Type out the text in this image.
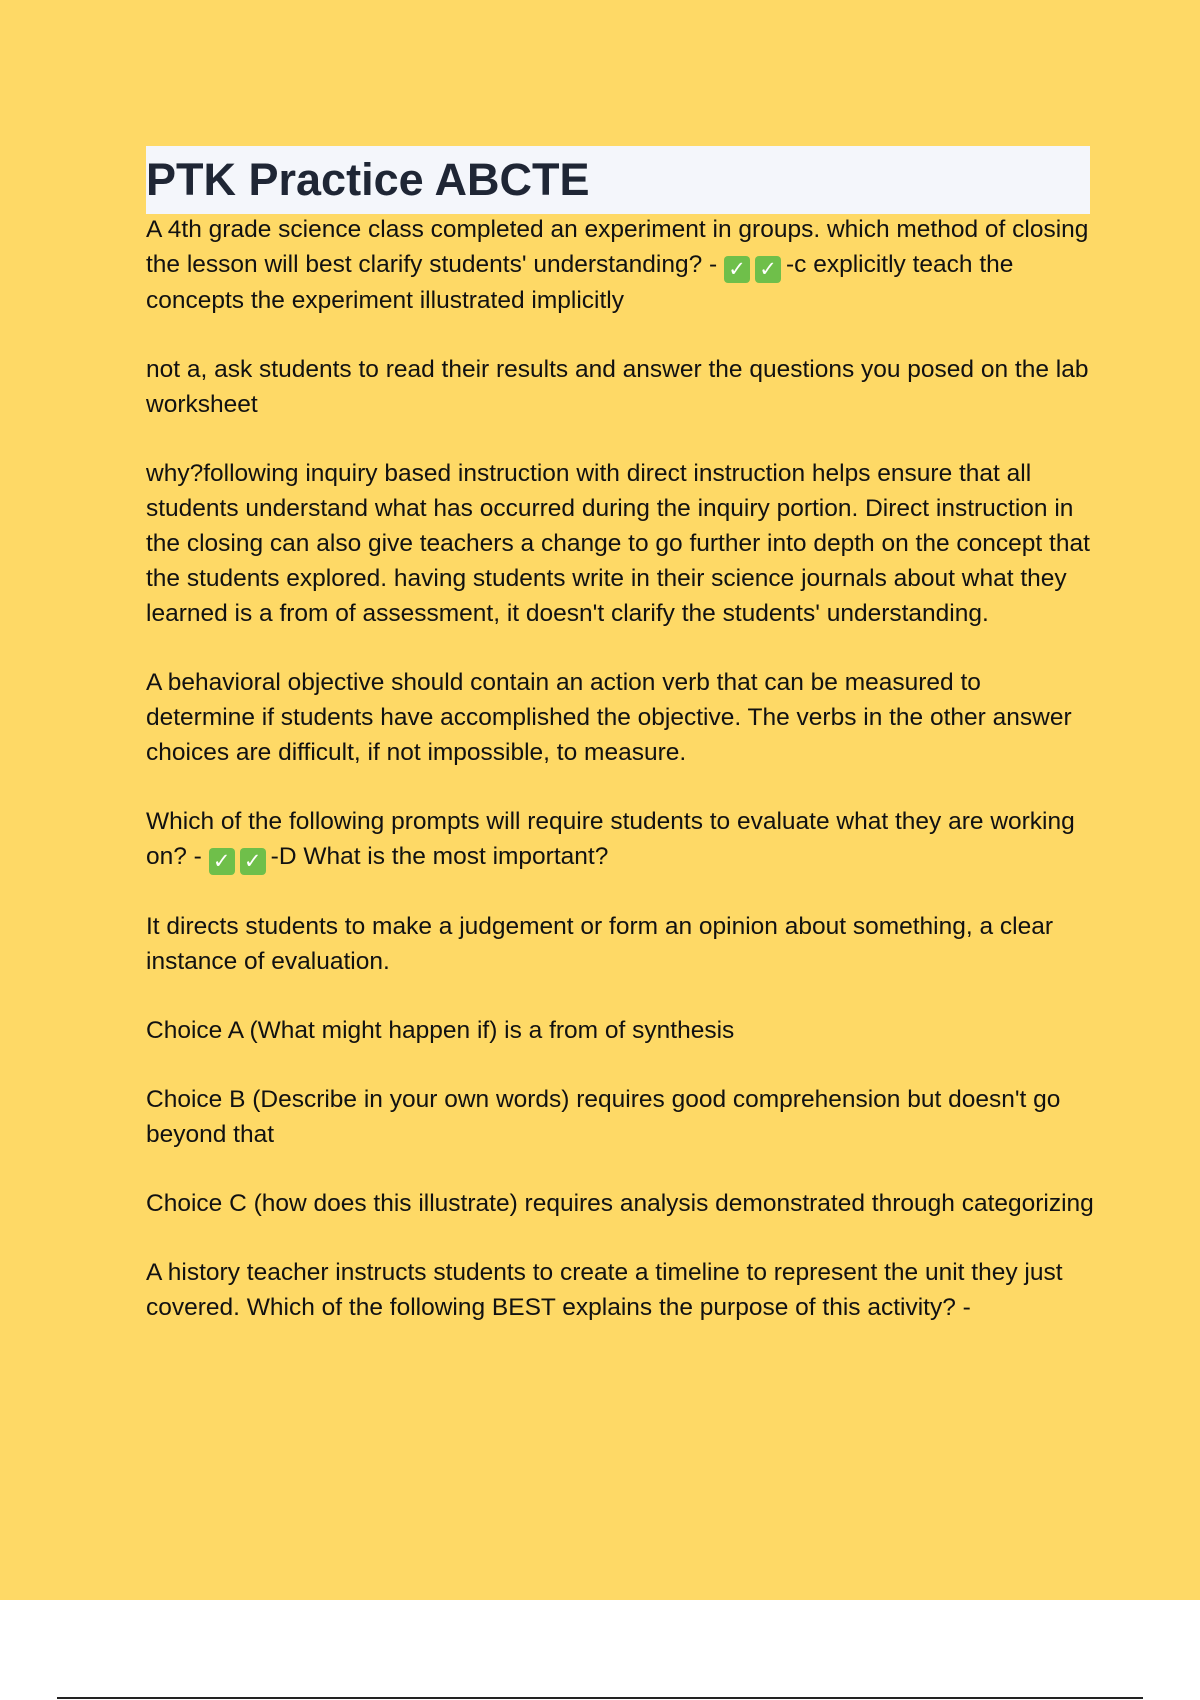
PTK Practice ABCTE

A 4th grade science class completed an experiment in groups. which method of closing the lesson will best clarify students' understanding? - ✓ ✓ -c explicitly teach the concepts the experiment illustrated implicitly

not a, ask students to read their results and answer the questions you posed on the lab worksheet

why?following inquiry based instruction with direct instruction helps ensure that all students understand what has occurred during the inquiry portion. Direct instruction in the closing can also give teachers a change to go further into depth on the concept that the students explored. having students write in their science journals about what they learned is a from of assessment, it doesn't clarify the students' understanding.

A behavioral objective should contain an action verb that can be measured to determine if students have accomplished the objective. The verbs in the other answer choices are difficult, if not impossible, to measure.

Which of the following prompts will require students to evaluate what they are working on? - ✓ ✓ -D What is the most important?

It directs students to make a judgement or form an opinion about something, a clear instance of evaluation.

Choice A (What might happen if) is a from of synthesis

Choice B (Describe in your own words) requires good comprehension but doesn't go beyond that

Choice C (how does this illustrate) requires analysis demonstrated through categorizing

A history teacher instructs students to create a timeline to represent the unit they just covered. Which of the following BEST explains the purpose of this activity? -
